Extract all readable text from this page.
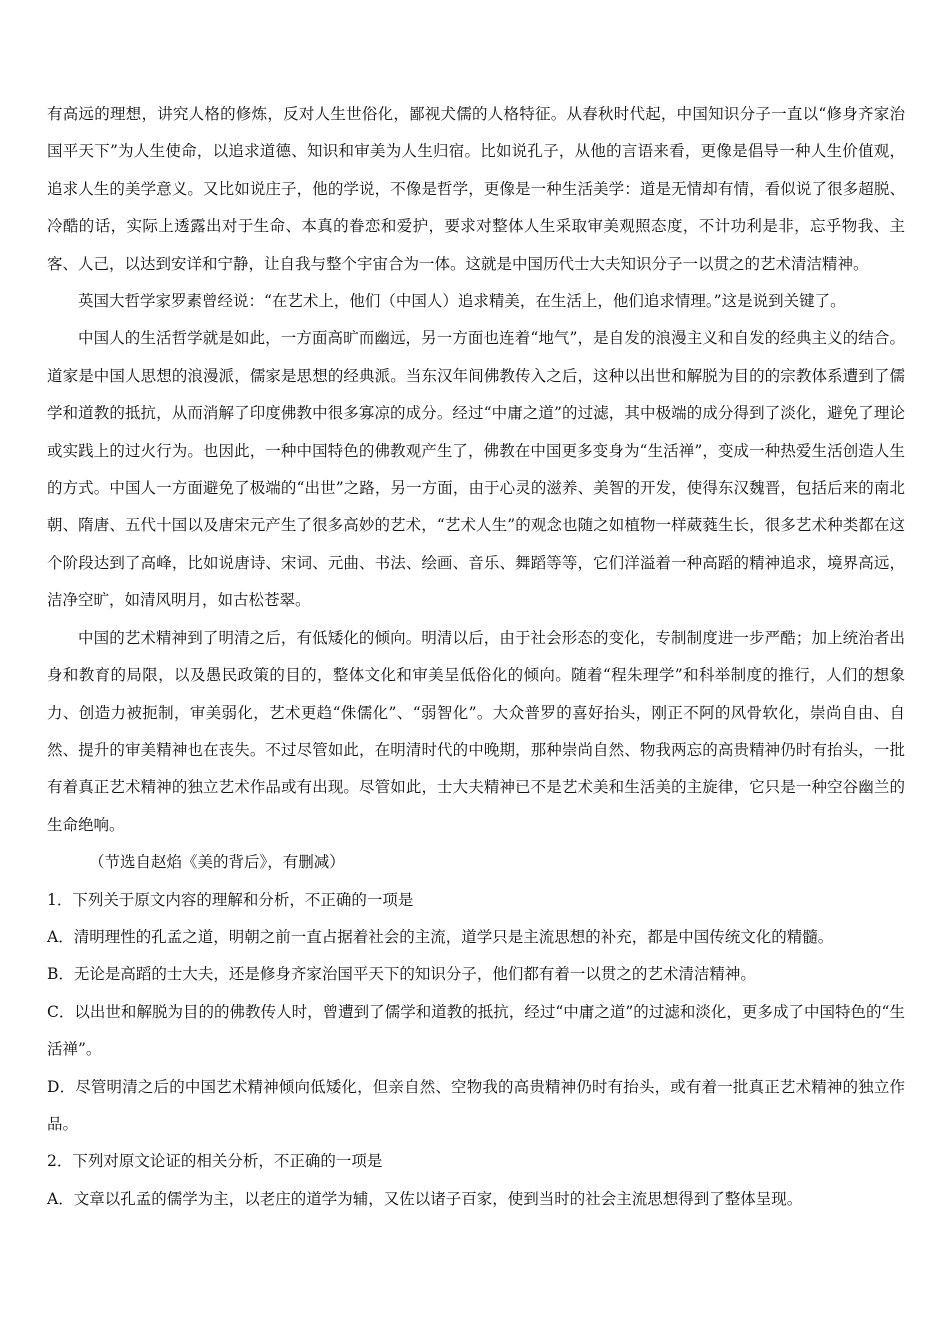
有高远的理想，讲究人格的修炼，反对人生世俗化，鄙视犬儒的人格特征。从春秋时代起，中国知识分子一直以“修身齐家治国平天下”为人生使命，以追求道德、知识和审美为人生归宿。比如说孔子，从他的言语来看，更像是倡导一种人生价值观，追求人生的美学意义。又比如说庄子，他的学说，不像是哲学，更像是一种生活美学：道是无情却有情，看似说了很多超脱、冷酷的话，实际上透露出对于生命、本真的眷恋和爱护，要求对整体人生采取审美观照态度，不计功利是非，忘乎物我、主客、人己，以达到安详和宁静，让自我与整个宇宙合为一体。这就是中国历代士大夫知识分子一以贯之的艺术清洁精神。

英国大哲学家罗素曾经说：“在艺术上，他们（中国人）追求精美，在生活上，他们追求情理。”这是说到关键了。

中国人的生活哲学就是如此，一方面高旷而幽远，另一方面也连着“地气”，是自发的浪漫主义和自发的经典主义的结合。道家是中国人思想的浪漫派，儒家是思想的经典派。当东汉年间佛教传入之后，这种以出世和解脱为目的的宗教体系遭到了儒学和道教的抵抗，从而消解了印度佛教中很多寡凉的成分。经过“中庸之道”的过滤，其中极端的成分得到了淡化，避免了理论或实践上的过火行为。也因此，一种中国特色的佛教观产生了，佛教在中国更多变身为“生活禅”，变成一种热爱生活创造人生的方式。中国人一方面避免了极端的“出世”之路，另一方面，由于心灵的滋养、美智的开发，使得东汉魏晋，包括后来的南北朝、隋唐、五代十国以及唐宋元产生了很多高妙的艺术，“艺术人生”的观念也随之如植物一样葳蕤生长，很多艺术种类都在这个阶段达到了高峰，比如说唐诗、宋词、元曲、书法、绘画、音乐、舞蹈等等，它们洋溢着一种高蹈的精神追求，境界高远，洁净空旷，如清风明月，如古松苍翠。

中国的艺术精神到了明清之后，有低矮化的倾向。明清以后，由于社会形态的变化，专制制度进一步严酷；加上统治者出身和教育的局限，以及愚民政策的目的，整体文化和审美呈低俗化的倾向。随着“程朱理学”和科举制度的推行，人们的想象力、创造力被扼制，审美弱化，艺术更趋“侏儒化”、“弱智化”。大众普罗的喜好抬头，刚正不阿的风骨软化，崇尚自由、自然、提升的审美精神也在丧失。不过尽管如此，在明清时代的中晚期，那种崇尚自然、物我两忘的高贵精神仍时有抬头，一批有着真正艺术精神的独立艺术作品或有出现。尽管如此，士大夫精神已不是艺术美和生活美的主旋律，它只是一种空谷幽兰的生命绝响。

（节选自赵焰《美的背后》，有删减）

1．下列关于原文内容的理解和分析，不正确的一项是

A．清明理性的孔孟之道，明朝之前一直占据着社会的主流，道学只是主流思想的补充，都是中国传统文化的精髓。

B．无论是高蹈的士大夫，还是修身齐家治国平天下的知识分子，他们都有着一以贯之的艺术清洁精神。

C．以出世和解脱为目的的佛教传人时，曾遭到了儒学和道教的抵抗，经过“中庸之道”的过滤和淡化，更多成了中国特色的“生活禅”。

D．尽管明清之后的中国艺术精神倾向低矮化，但亲自然、空物我的高贵精神仍时有抬头，或有着一批真正艺术精神的独立作品。

2．下列对原文论证的相关分析，不正确的一项是

A．文章以孔孟的儒学为主，以老庄的道学为辅，又佐以诸子百家，使到当时的社会主流思想得到了整体呈现。
